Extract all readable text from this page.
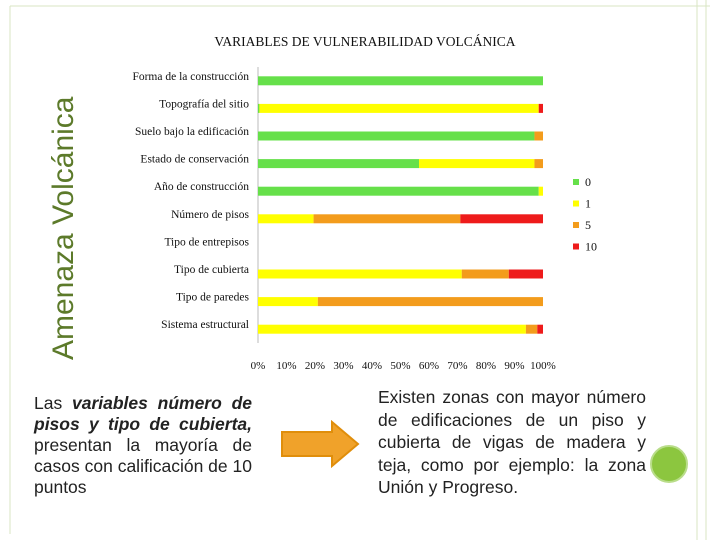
Amenaza Volcánica
VARIABLES DE VULNERABILIDAD VOLCÁNICA
Forma de la construcción
Topografía del sitio
Suelo bajo la edificación
Estado de conservación
Año de construcción
Número de pisos
Tipo de entrepisos
Tipo de cubierta
Tipo de paredes
Sistema estructural
0% 10% 20% 30% 40% 50% 60% 70% 80% 90% 100%
0
1
5
10
Las variables número de pisos y tipo de cubierta, presentan la mayoría de casos con calificación de 10 puntos
Existen zonas con mayor número de edificaciones de un piso y cubierta de vigas de madera y teja, como por ejemplo: la zona Unión y Progreso.
